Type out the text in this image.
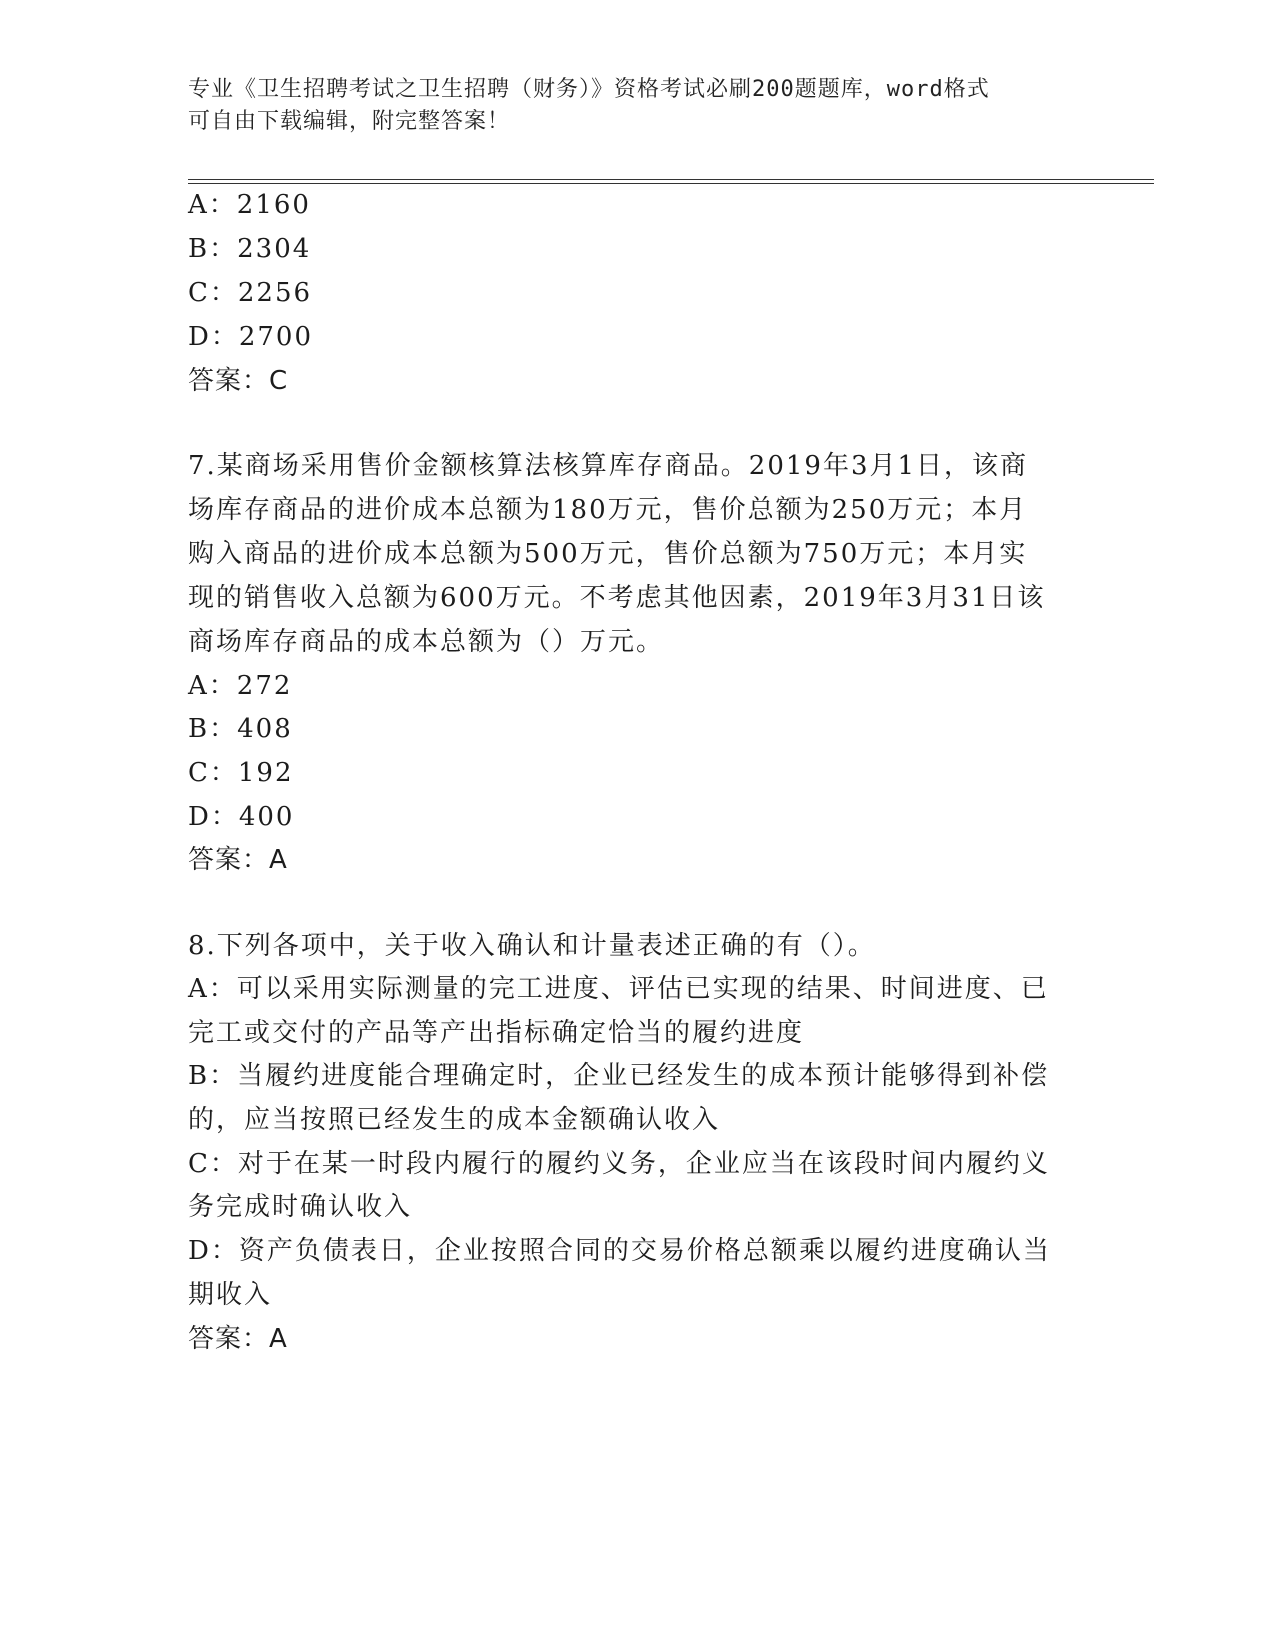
专业《卫生招聘考试之卫生招聘（财务）》资格考试必刷200题题库，word格式
可自由下载编辑，附完整答案！
A：2160
B：2304
C：2256
D：2700
答案：C
7.某商场采用售价金额核算法核算库存商品。2019年3月1日，该商
场库存商品的进价成本总额为180万元，售价总额为250万元；本月
购入商品的进价成本总额为500万元，售价总额为750万元；本月实
现的销售收入总额为600万元。不考虑其他因素，2019年3月31日该
商场库存商品的成本总额为（）万元。
A：272
B：408
C：192
D：400
答案：A
8.下列各项中，关于收入确认和计量表述正确的有（）。
A：可以采用实际测量的完工进度、评估已实现的结果、时间进度、已
完工或交付的产品等产出指标确定恰当的履约进度
B：当履约进度能合理确定时，企业已经发生的成本预计能够得到补偿
的，应当按照已经发生的成本金额确认收入
C：对于在某一时段内履行的履约义务，企业应当在该段时间内履约义
务完成时确认收入
D：资产负债表日，企业按照合同的交易价格总额乘以履约进度确认当
期收入
答案：A
